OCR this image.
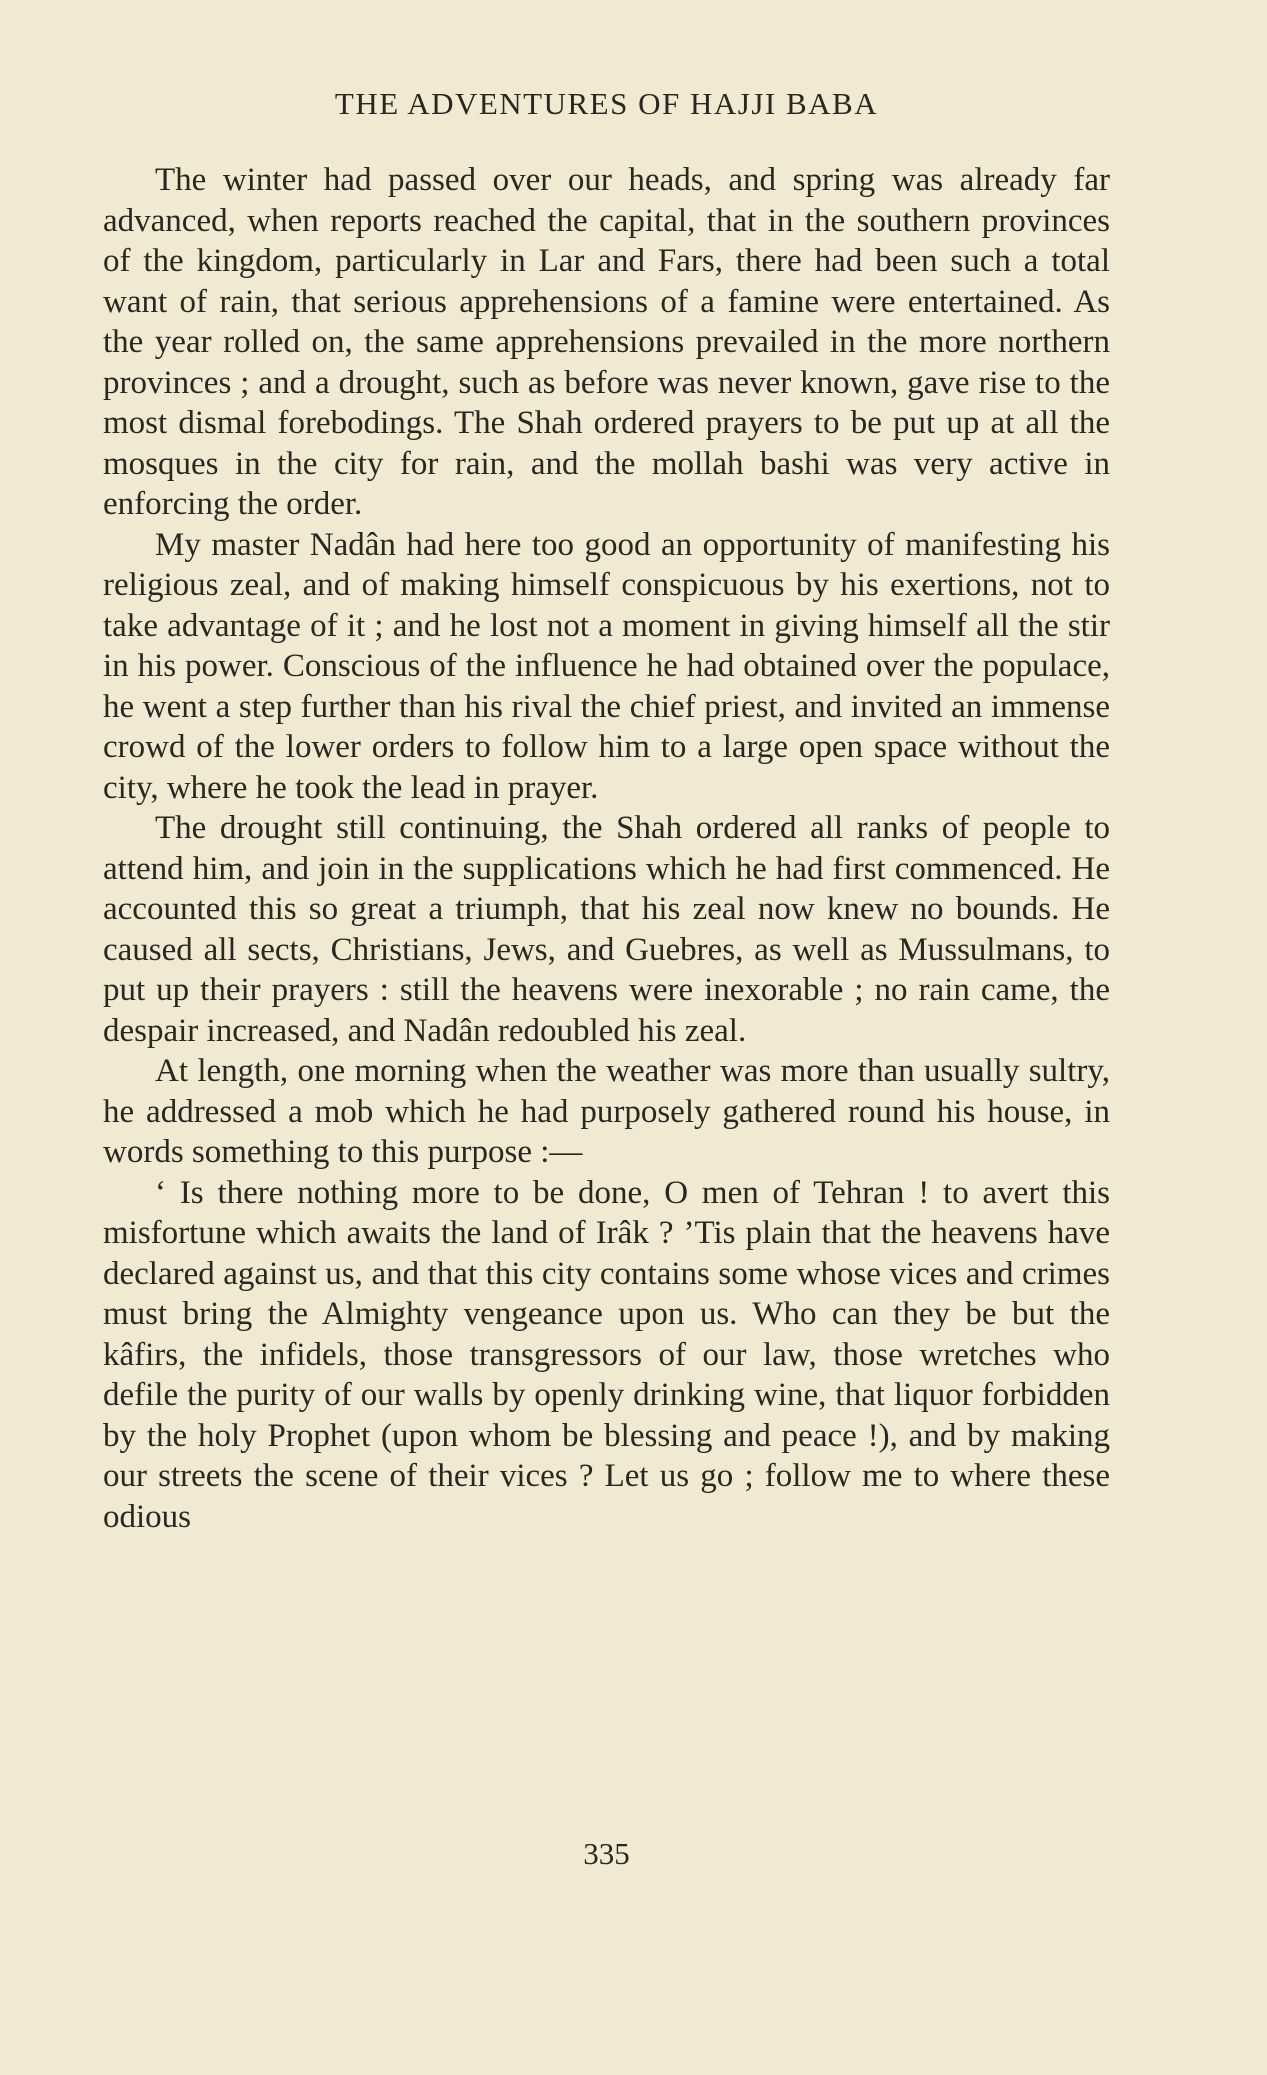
THE ADVENTURES OF HAJJI BABA

The winter had passed over our heads, and spring was already far advanced, when reports reached the capital, that in the southern provinces of the kingdom, particularly in Lar and Fars, there had been such a total want of rain, that serious apprehensions of a famine were entertained. As the year rolled on, the same apprehensions prevailed in the more northern provinces ; and a drought, such as before was never known, gave rise to the most dismal forebodings. The Shah ordered prayers to be put up at all the mosques in the city for rain, and the mollah bashi was very active in enforcing the order.

My master Nadân had here too good an opportunity of manifesting his religious zeal, and of making himself conspicuous by his exertions, not to take advantage of it ; and he lost not a moment in giving himself all the stir in his power. Conscious of the influence he had obtained over the populace, he went a step further than his rival the chief priest, and invited an immense crowd of the lower orders to follow him to a large open space without the city, where he took the lead in prayer.

The drought still continuing, the Shah ordered all ranks of people to attend him, and join in the supplications which he had first commenced. He accounted this so great a triumph, that his zeal now knew no bounds. He caused all sects, Christians, Jews, and Guebres, as well as Mussulmans, to put up their prayers : still the heavens were inexorable ; no rain came, the despair increased, and Nadân redoubled his zeal.

At length, one morning when the weather was more than usually sultry, he addressed a mob which he had purposely gathered round his house, in words something to this purpose :—

‘ Is there nothing more to be done, O men of Tehran ! to avert this misfortune which awaits the land of Irâk ? ’Tis plain that the heavens have declared against us, and that this city contains some whose vices and crimes must bring the Almighty vengeance upon us. Who can they be but the kâfirs, the infidels, those transgressors of our law, those wretches who defile the purity of our walls by openly drinking wine, that liquor forbidden by the holy Prophet (upon whom be blessing and peace !), and by making our streets the scene of their vices ? Let us go ; follow me to where these odious

335
